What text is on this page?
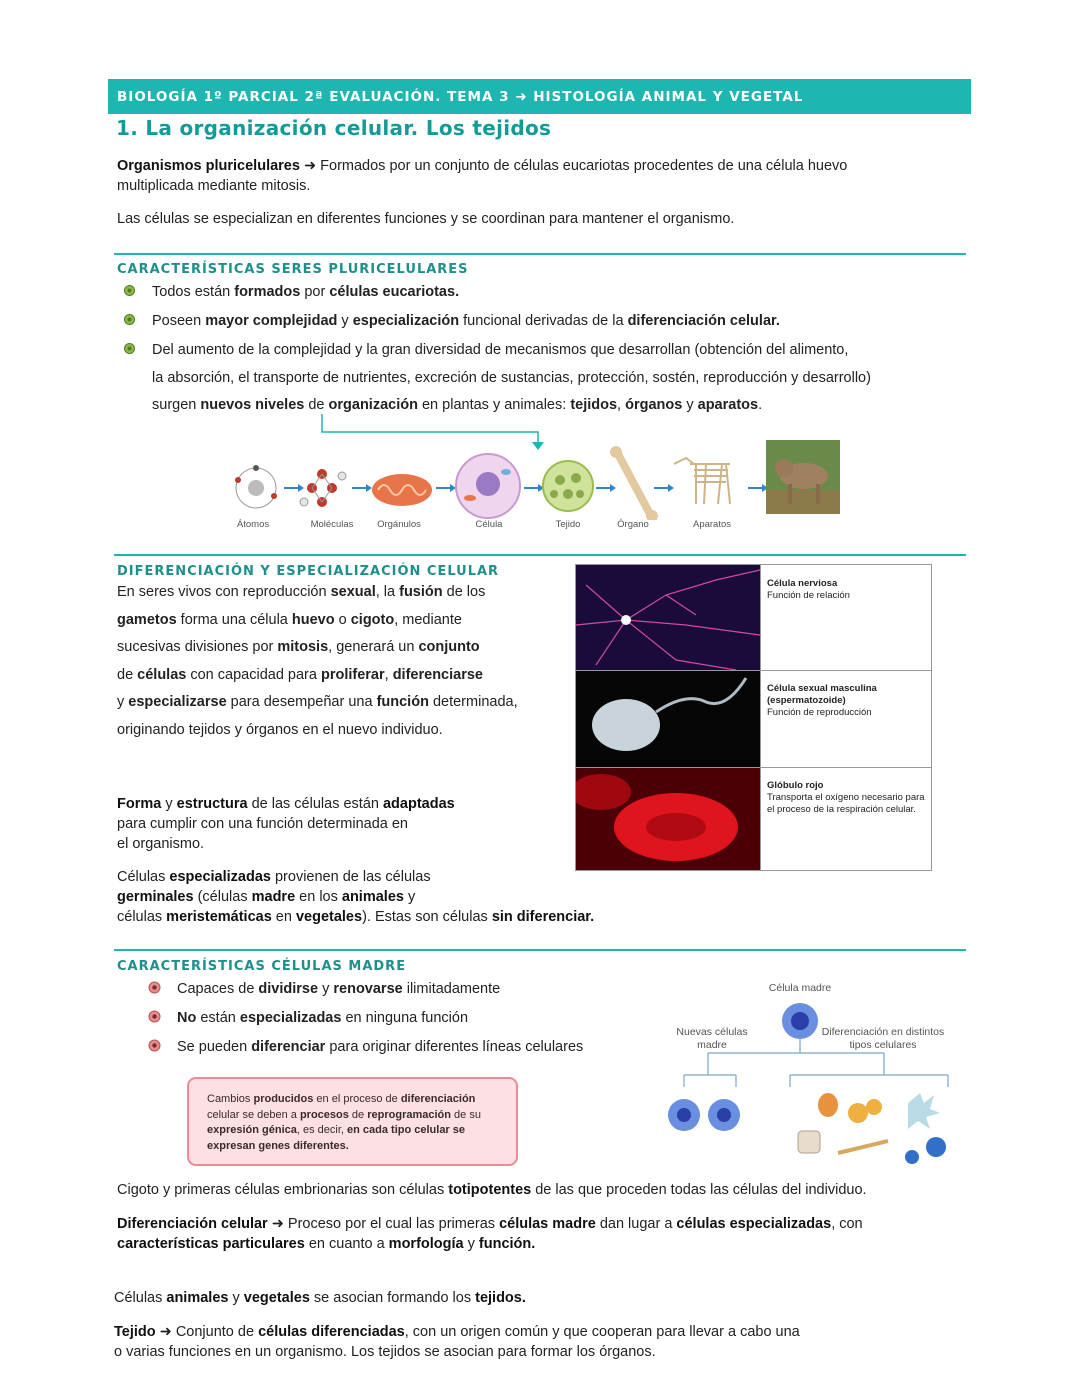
BIOLOGÍA 1º PARCIAL 2ª EVALUACIÓN. TEMA 3 ➜ HISTOLOGÍA ANIMAL Y VEGETAL
1. La organización celular. Los tejidos
Organismos pluricelulares ➜ Formados por un conjunto de células eucariotas procedentes de una célula huevo
multiplicada mediante mitosis.
Las células se especializan en diferentes funciones y se coordinan para mantener el organismo.
CARACTERÍSTICAS SERES PLURICELULARES
Todos están formados por células eucariotas.
Poseen mayor complejidad y especialización funcional derivadas de la diferenciación celular.
Del aumento de la complejidad y la gran diversidad de mecanismos que desarrollan (obtención del alimento,
la absorción, el transporte de nutrientes, excreción de sustancias, protección, sostén, reproducción y desarrollo)
surgen nuevos niveles de organización en plantas y animales: tejidos, órganos y aparatos.
Átomos	Moléculas	Orgánulos	Célula	Tejido	Órgano	Aparatos
DIFERENCIACIÓN Y ESPECIALIZACIÓN CELULAR
En seres vivos con reproducción sexual, la fusión de los
gametos forma una célula huevo o cigoto, mediante
sucesivas divisiones por mitosis, generará un conjunto
de células con capacidad para proliferar, diferenciarse
y especializarse para desempeñar una función determinada,
originando tejidos y órganos en el nuevo individuo.
Forma y estructura de las células están adaptadas
para cumplir con una función determinada en
el organismo.
Células especializadas provienen de las células
germinales (células madre en los animales y
células meristemáticas en vegetales). Estas son células sin diferenciar.
Célula nerviosa
Función de relación
Célula sexual masculina (espermatozoide)
Función de reproducción
Glóbulo rojo
Transporta el oxígeno necesario para el proceso de la respiración celular.
CARACTERÍSTICAS CÉLULAS MADRE
Capaces de dividirse y renovarse ilimitadamente
No están especializadas en ninguna función
Se pueden diferenciar para originar diferentes líneas celulares
Cambios producidos en el proceso de diferenciación celular se deben a procesos de reprogramación de su expresión génica, es decir, en cada tipo celular se expresan genes diferentes.
Célula madre
Nuevas células madre
Diferenciación en distintos tipos celulares
Cigoto y primeras células embrionarias son células totipotentes de las que proceden todas las células del individuo.
Diferenciación celular ➜ Proceso por el cual las primeras células madre dan lugar a células especializadas, con
características particulares en cuanto a morfología y función.
Células animales y vegetales se asocian formando los tejidos.
Tejido ➜ Conjunto de células diferenciadas, con un origen común y que cooperan para llevar a cabo una
o varias funciones en un organismo. Los tejidos se asocian para formar los órganos.
